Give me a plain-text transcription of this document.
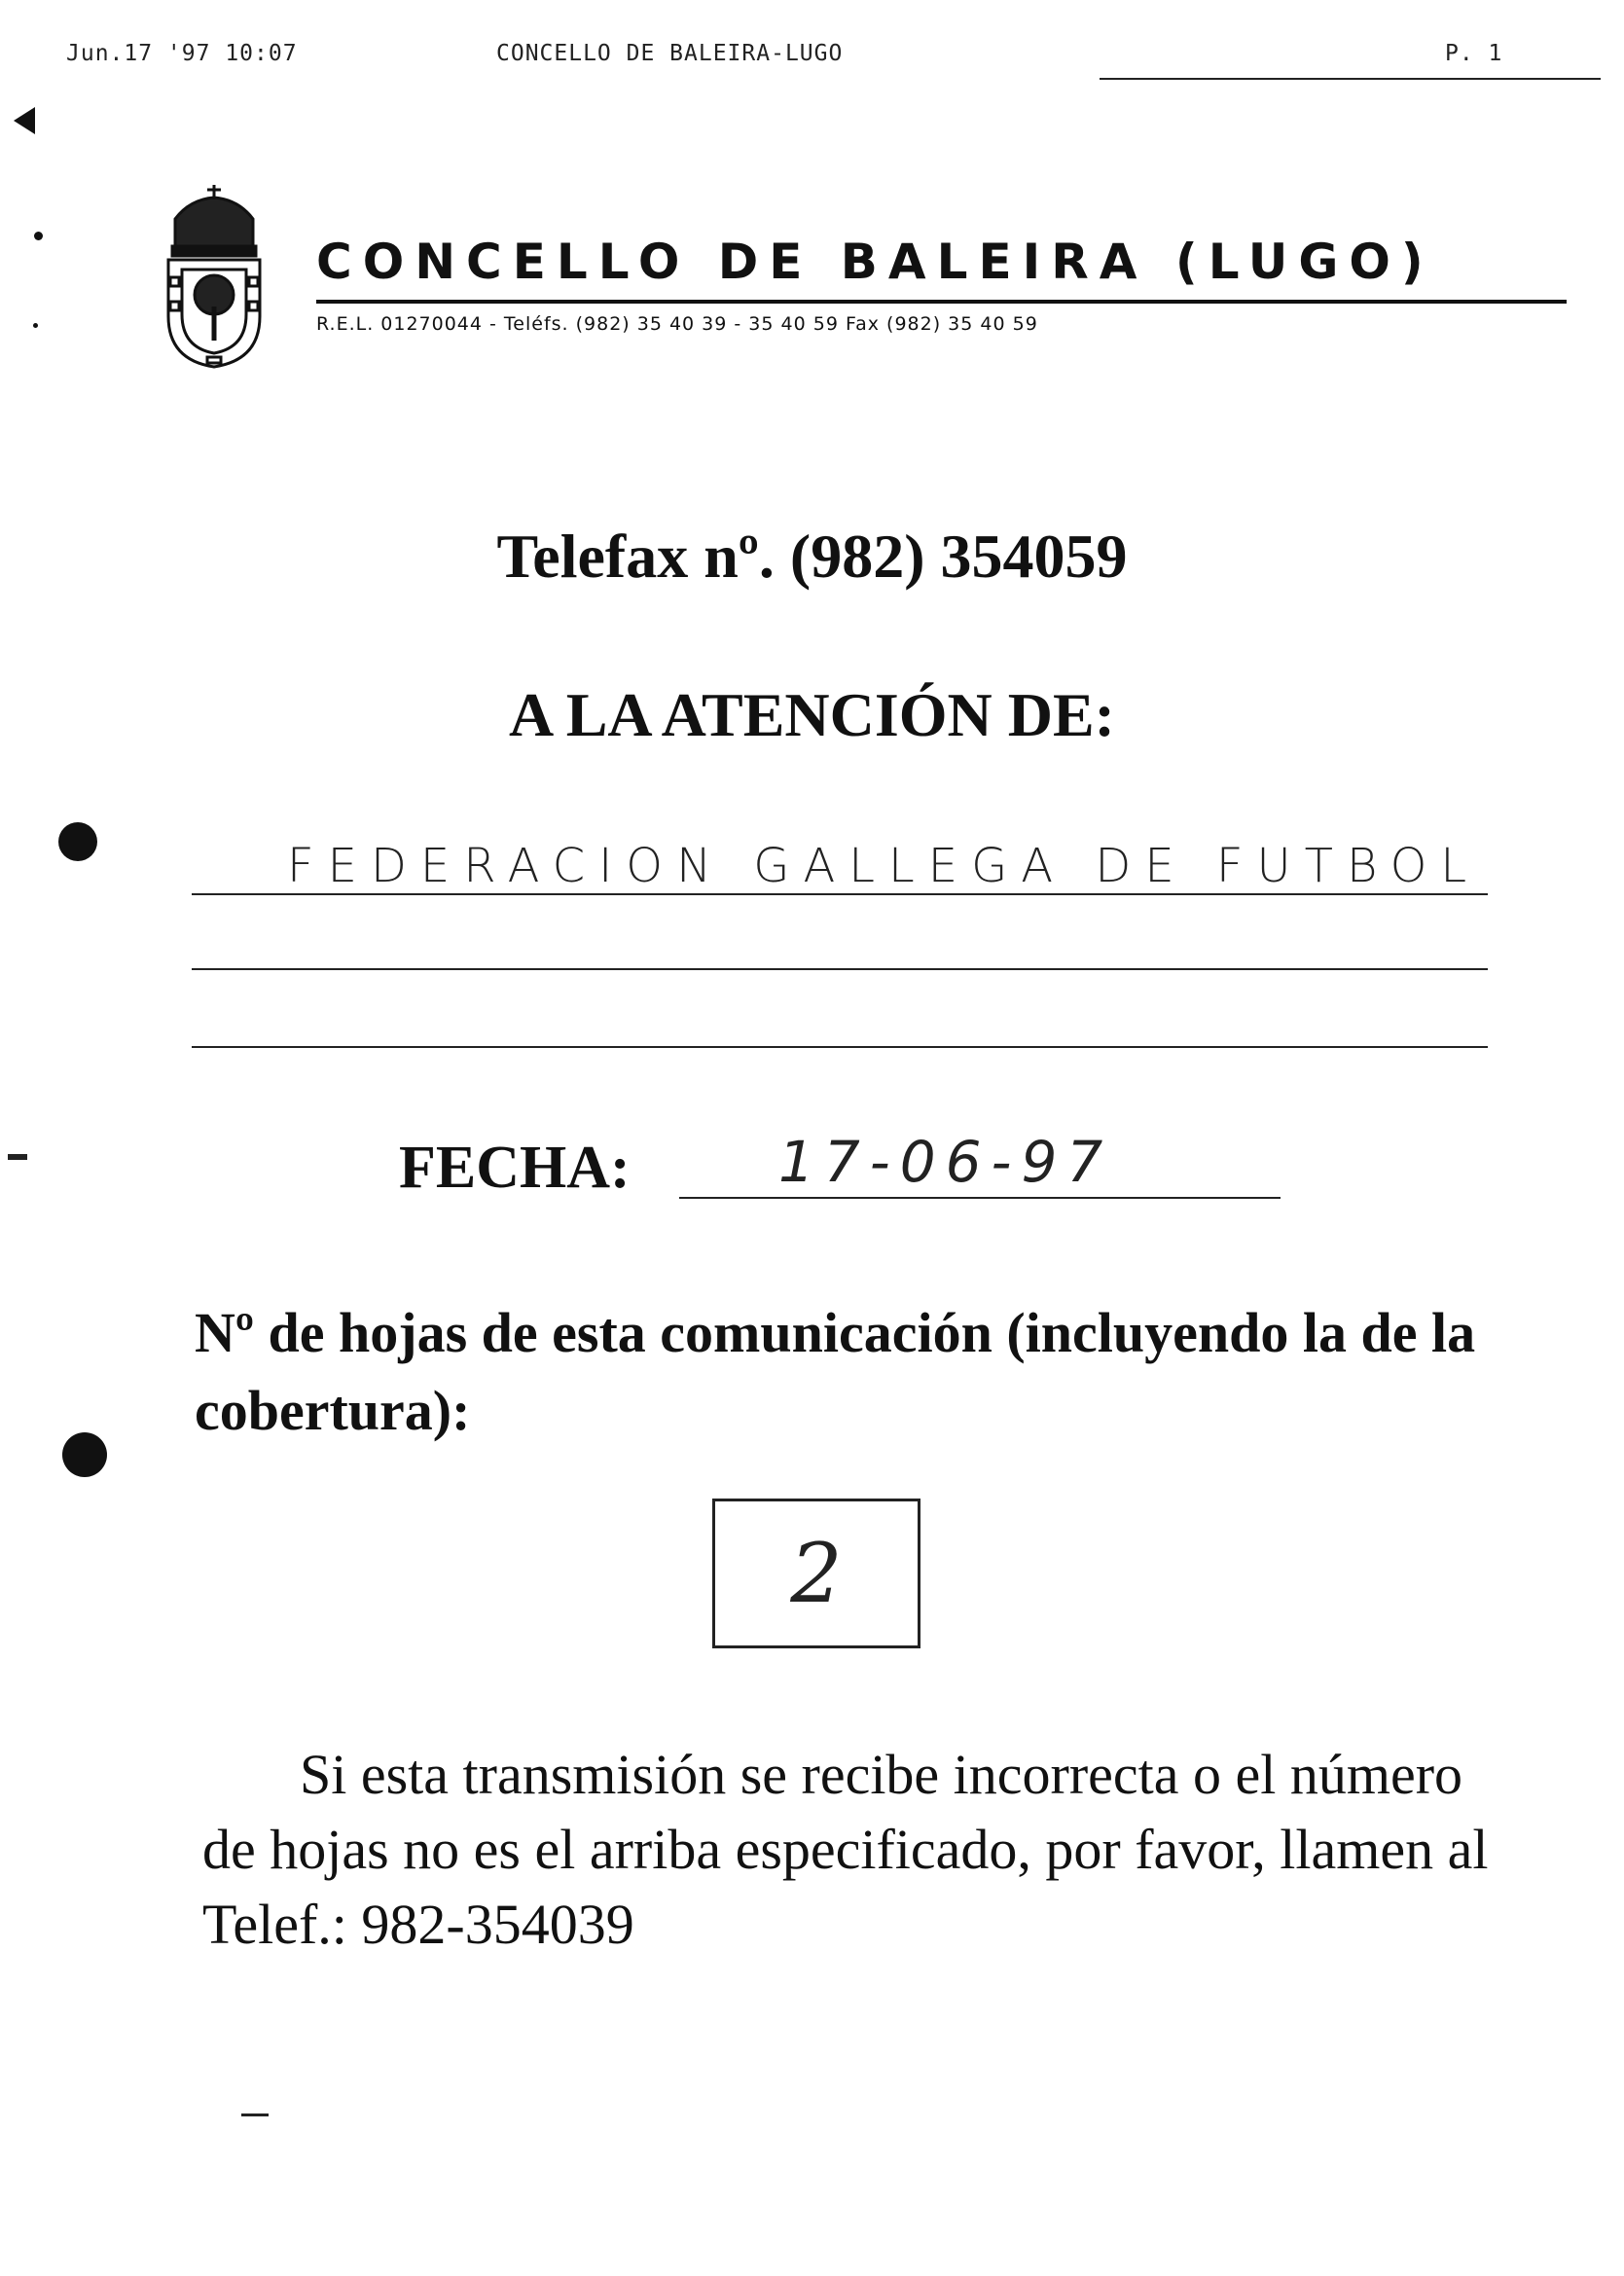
Jun.17 '97 10:07	CONCELLO DE BALEIRA-LUGO	P. 1
CONCELLO DE BALEIRA (LUGO)
R.E.L. 01270044 - Teléfs. (982) 35 40 39 - 35 40 59 Fax (982) 35 40 59
Telefax nº. (982) 354059
A LA ATENCIÓN DE:
FEDERACION GALLEGA DE FUTBOL
FECHA:	17-06-97
Nº de hojas de esta comunicación (incluyendo la de la cobertura):
2
Si esta transmisión se recibe incorrecta o el número de hojas no es el arriba especificado, por favor, llamen al Telef.: 982-354039
